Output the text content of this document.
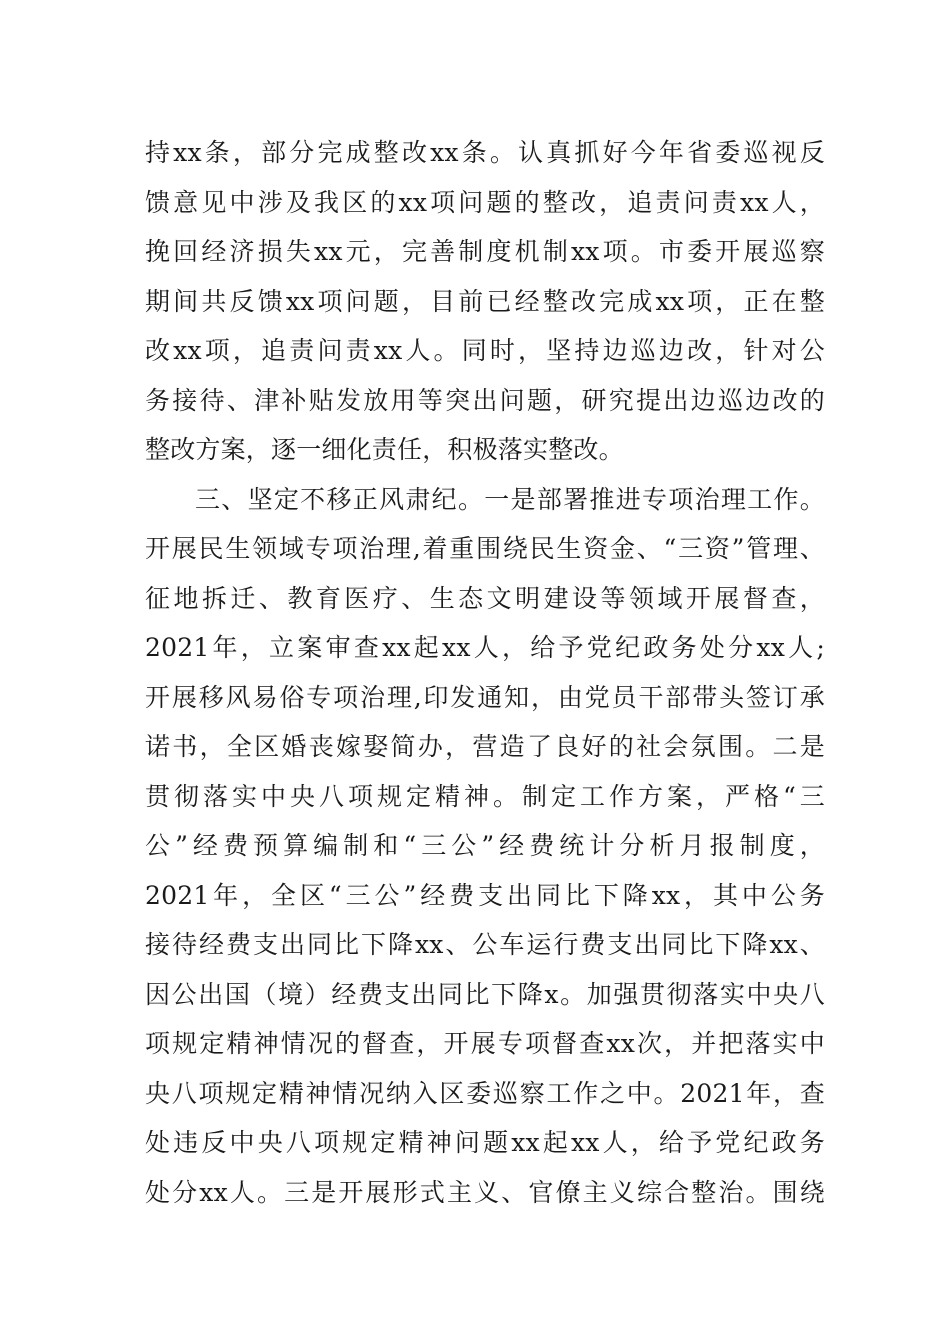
持xx条，部分完成整改xx条。认真抓好今年省委巡视反
馈意见中涉及我区的xx项问题的整改，追责问责xx人，
挽回经济损失xx元，完善制度机制xx项。市委开展巡察
期间共反馈xx项问题，目前已经整改完成xx项，正在整
改xx项，追责问责xx人。同时，坚持边巡边改，针对公
务接待、津补贴发放用等突出问题，研究提出边巡边改的
整改方案，逐一细化责任，积极落实整改。
三、坚定不移正风肃纪。一是部署推进专项治理工作。
开展民生领域专项治理,着重围绕民生资金、“三资”管理、
征地拆迁、教育医疗、生态文明建设等领域开展督查，
2021年，立案审查xx起xx人，给予党纪政务处分xx人;
开展移风易俗专项治理,印发通知，由党员干部带头签订承
诺书，全区婚丧嫁娶简办，营造了良好的社会氛围。二是
贯彻落实中央八项规定精神。制定工作方案，严格“三
公”经费预算编制和“三公”经费统计分析月报制度，
2021年，全区“三公”经费支出同比下降xx，其中公务
接待经费支出同比下降xx、公车运行费支出同比下降xx、
因公出国（境）经费支出同比下降x。加强贯彻落实中央八
项规定精神情况的督查，开展专项督查xx次，并把落实中
央八项规定精神情况纳入区委巡察工作之中。2021年，查
处违反中央八项规定精神问题xx起xx人，给予党纪政务
处分xx人。三是开展形式主义、官僚主义综合整治。围绕
